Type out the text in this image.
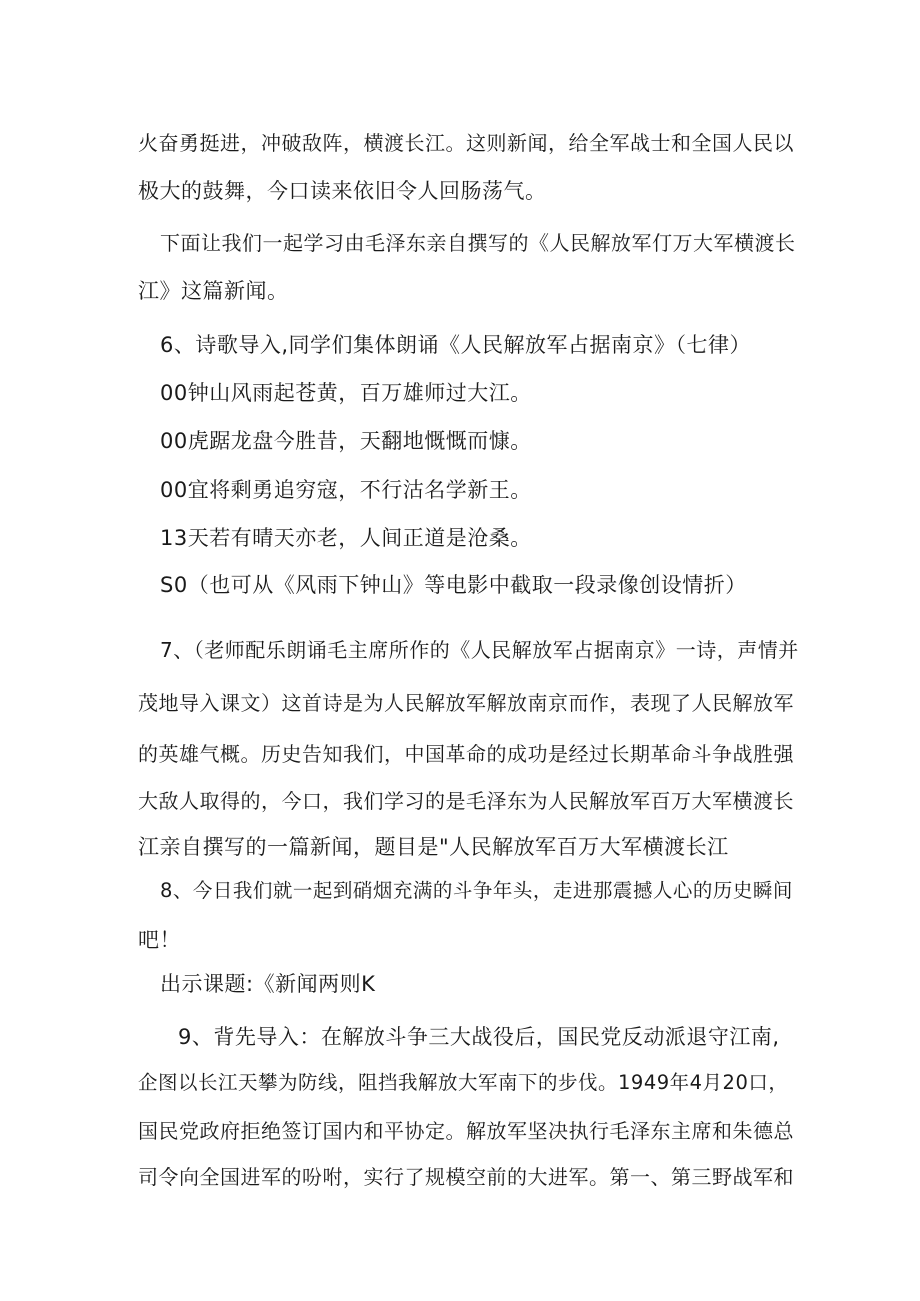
火奋勇挺进，冲破敌阵，横渡长江。这则新闻，给全军战士和全国人民以
极大的鼓舞，今口读来依旧令人回肠荡气。
下面让我们一起学习由毛泽东亲自撰写的《人民解放军仃万大军横渡长
江》这篇新闻。
6、诗歌导入,同学们集体朗诵《人民解放军占据南京》（七律）
00钟山风雨起苍黄，百万雄师过大江。
00虎踞龙盘今胜昔，天翻地慨慨而慷。
00宜将剩勇追穷寇，不行沽名学新王。
13天若有晴天亦老，人间正道是沧桑。
S0（也可从《风雨下钟山》等电影中截取一段录像创设情折）
7、（老师配乐朗诵毛主席所作的《人民解放军占据南京》一诗，声情并
茂地导入课文）这首诗是为人民解放军解放南京而作，表现了人民解放军
的英雄气概。历史告知我们，中国革命的成功是经过长期革命斗争战胜强
大敌人取得的，今口，我们学习的是毛泽东为人民解放军百万大军横渡长
江亲自撰写的一篇新闻，题目是"人民解放军百万大军横渡长江
8、今日我们就一起到硝烟充满的斗争年头，走进那震撼人心的历史瞬间
吧！
出示课题:《新闻两则K
9、背先导入：在解放斗争三大战役后，国民党反动派退守江南,
企图以长江天攀为防线，阻挡我解放大军南下的步伐。1949年4月20口，
国民党政府拒绝签订国内和平协定。解放军坚决执行毛泽东主席和朱德总
司令向全国进军的吩咐，实行了规模空前的大进军。第一、第三野战军和
